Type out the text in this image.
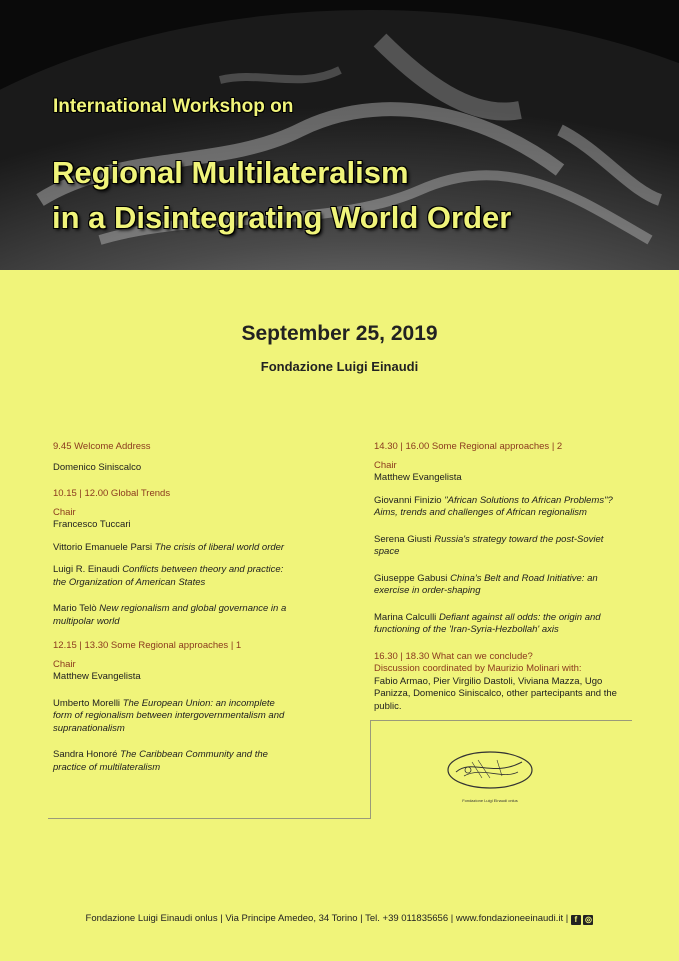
International Workshop on

Regional Multilateralism
in a Disintegrating World Order
September 25, 2019
Fondazione Luigi Einaudi

9.45 Welcome Address

Domenico Siniscalco

10.15 | 12.00 Global Trends

Chair

Francesco Tuccari

Vittorio Emanuele Parsi The crisis of liberal world order

Luigi R. Einaudi Conflicts between theory and practice: the Organization of American States

Mario Telò New regionalism and global governance in a multipolar world

12.15 | 13.30 Some Regional approaches | 1

Chair

Matthew Evangelista

Umberto Morelli The European Union: an incomplete form of regionalism between intergovernmentalism and supranationalism

Sandra Honoré The Caribbean Community and the practice of multilateralism

14.30 | 16.00 Some Regional approaches | 2

Chair

Matthew Evangelista

Giovanni Finizio "African Solutions to African Problems"? Aims, trends and challenges of African regionalism

Serena Giusti Russia's strategy toward the post-Soviet space

Giuseppe Gabusi China's Belt and Road Initiative: an exercise in order-shaping

Marina Calculli Defiant against all odds: the origin and functioning of the 'Iran-Syria-Hezbollah' axis

16.30 | 18.30 What can we conclude?

Discussion coordinated by Maurizio Molinari with:

Fabio Armao, Pier Virgilio Dastoli, Viviana Mazza, Ugo Panizza, Domenico Siniscalco, other partecipants and the public.

Fondazione Luigi Einaudi onlus
Fondazione Luigi Einaudi onlus | Via Principe Amedeo, 34 Torino | Tel. +39 011835656 | www.fondazioneeinaudi.it | f ◎
